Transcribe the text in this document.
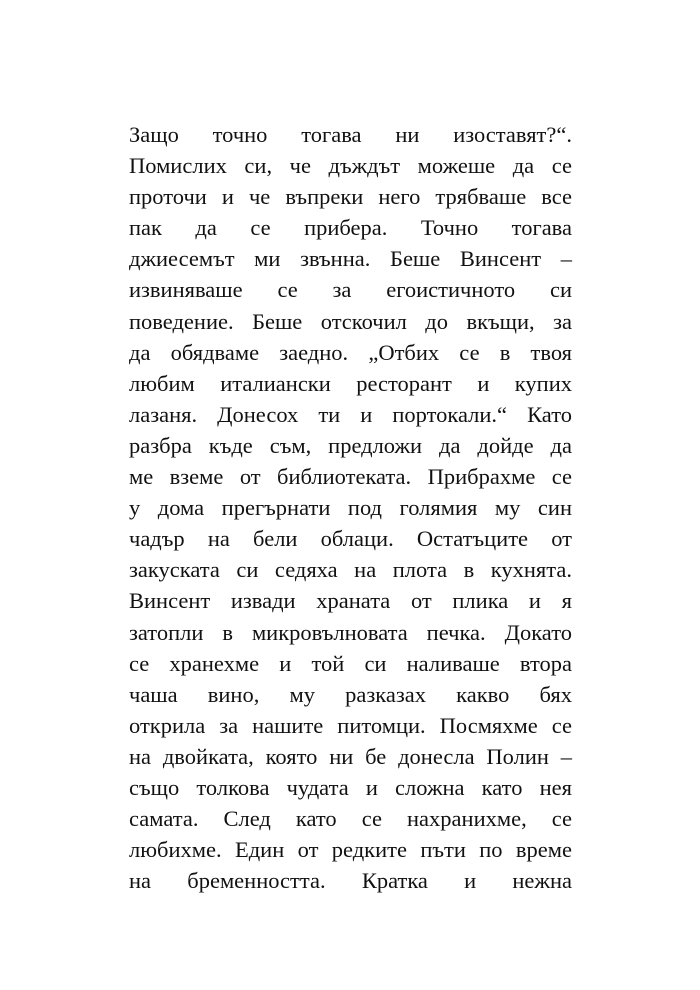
Защо точно тогава ни изоставят?“.
Помислих си, че дъждът можеше да се
проточи и че въпреки него трябваше все
пак да се прибера. Точно тогава
джиесемът ми звънна. Беше Винсент –
извиняваше се за егоистичното си
поведение. Беше отскочил до вкъщи, за
да обядваме заедно. „Отбих се в твоя
любим италиански ресторант и купих
лазаня. Донесох ти и портокали.“ Като
разбра къде съм, предложи да дойде да
ме вземе от библиотеката. Прибрахме се
у дома прегърнати под голямия му син
чадър на бели облаци. Остатъците от
закуската си седяха на плота в кухнята.
Винсент извади храната от плика и я
затопли в микровълновата печка. Докато
се хранехме и той си наливаше втора
чаша вино, му разказах какво бях
открила за нашите питомци. Посмяхме се
на двойката, която ни бе донесла Полин –
също толкова чудата и сложна като нея
самата. След като се нахранихме, се
любихме. Един от редките пъти по време
на бременността. Кратка и нежна
